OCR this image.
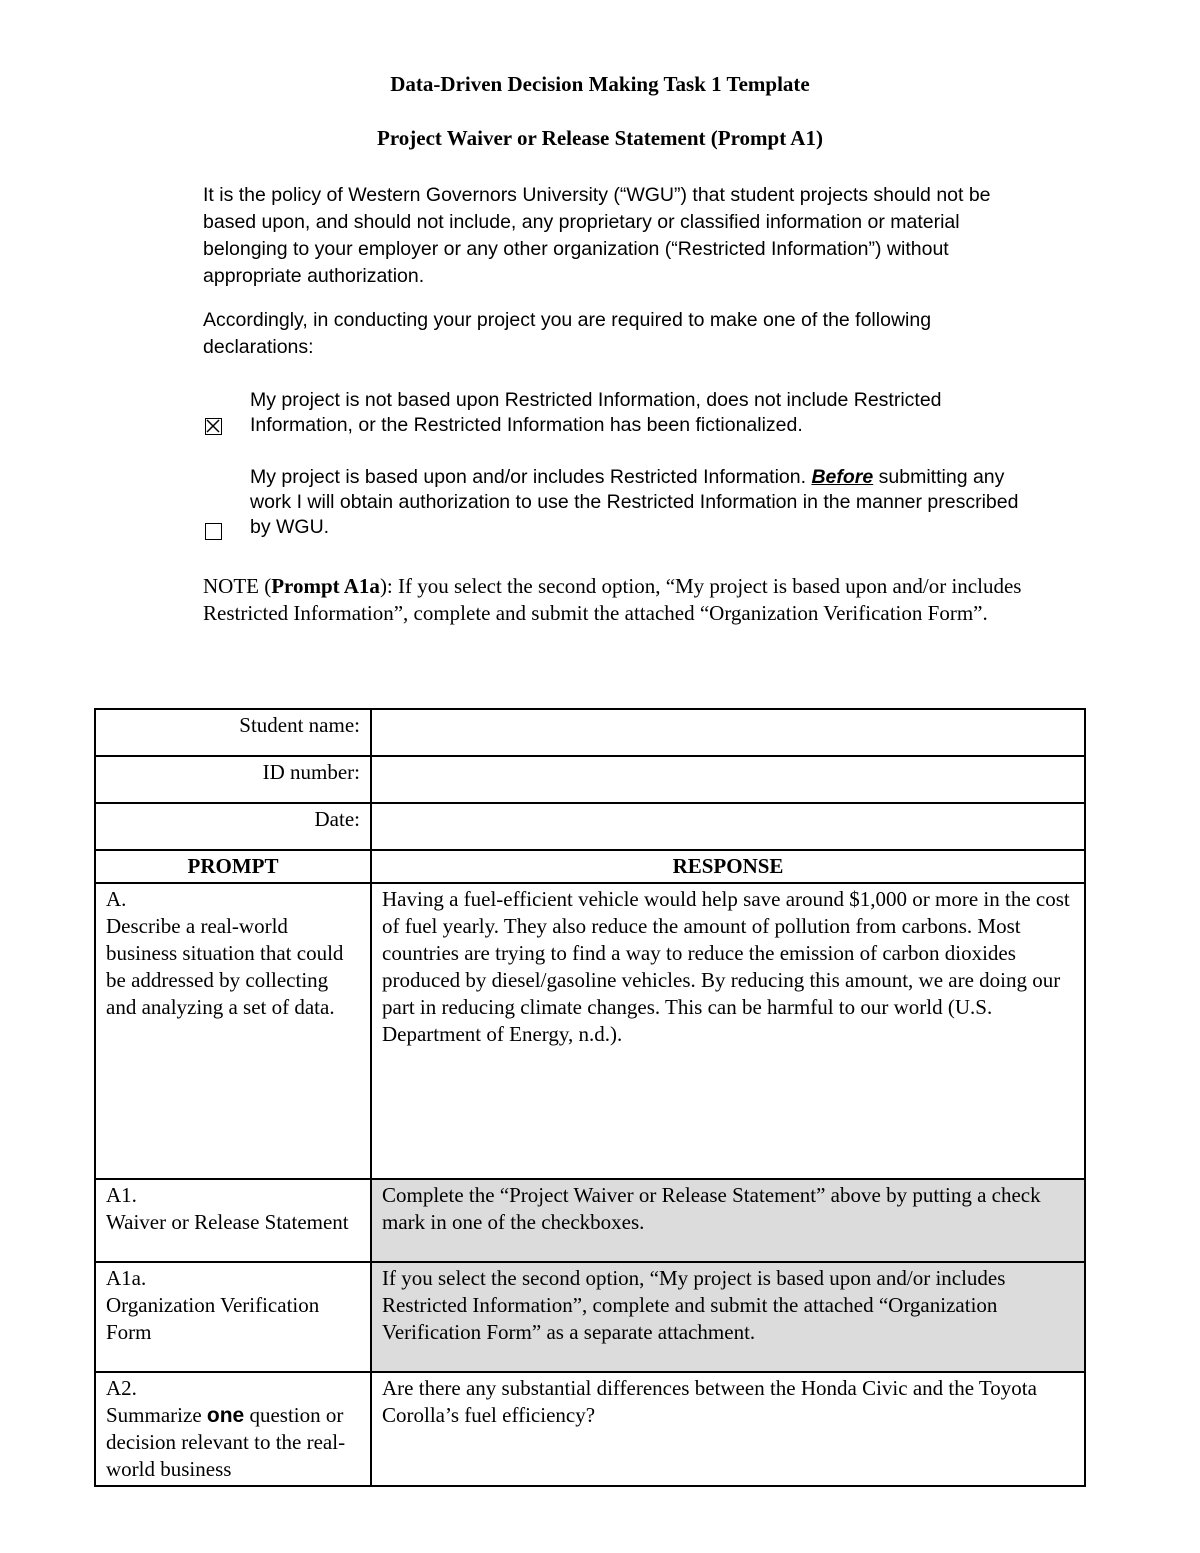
Data-Driven Decision Making Task 1 Template
Project Waiver or Release Statement (Prompt A1)

It is the policy of Western Governors University (“WGU”) that student projects should not be based upon, and should not include, any proprietary or classified information or material belonging to your employer or any other organization (“Restricted Information”) without appropriate authorization.

Accordingly, in conducting your project you are required to make one of the following declarations:

My project is not based upon Restricted Information, does not include Restricted Information, or the Restricted Information has been fictionalized.

My project is based upon and/or includes Restricted Information. Before submitting any work I will obtain authorization to use the Restricted Information in the manner prescribed by WGU.

NOTE (Prompt A1a): If you select the second option, “My project is based upon and/or includes Restricted Information”, complete and submit the attached “Organization Verification Form”.

Student name:	
ID number:	
Date:	
PROMPT	RESPONSE

A.
Describe a real-world business situation that could be addressed by collecting and analyzing a set of data.	Having a fuel-efficient vehicle would help save around $1,000 or more in the cost of fuel yearly. They also reduce the amount of pollution from carbons. Most countries are trying to find a way to reduce the emission of carbon dioxides produced by diesel/gasoline vehicles. By reducing this amount, we are doing our part in reducing climate changes. This can be harmful to our world (U.S. Department of Energy, n.d.).

A1.
Waiver or Release Statement	Complete the “Project Waiver or Release Statement” above by putting a check mark in one of the checkboxes.

A1a.
Organization Verification Form	If you select the second option, “My project is based upon and/or includes Restricted Information”, complete and submit the attached “Organization Verification Form” as a separate attachment.

A2.
Summarize one question or decision relevant to the real-world business	Are there any substantial differences between the Honda Civic and the Toyota Corolla’s fuel efficiency?
